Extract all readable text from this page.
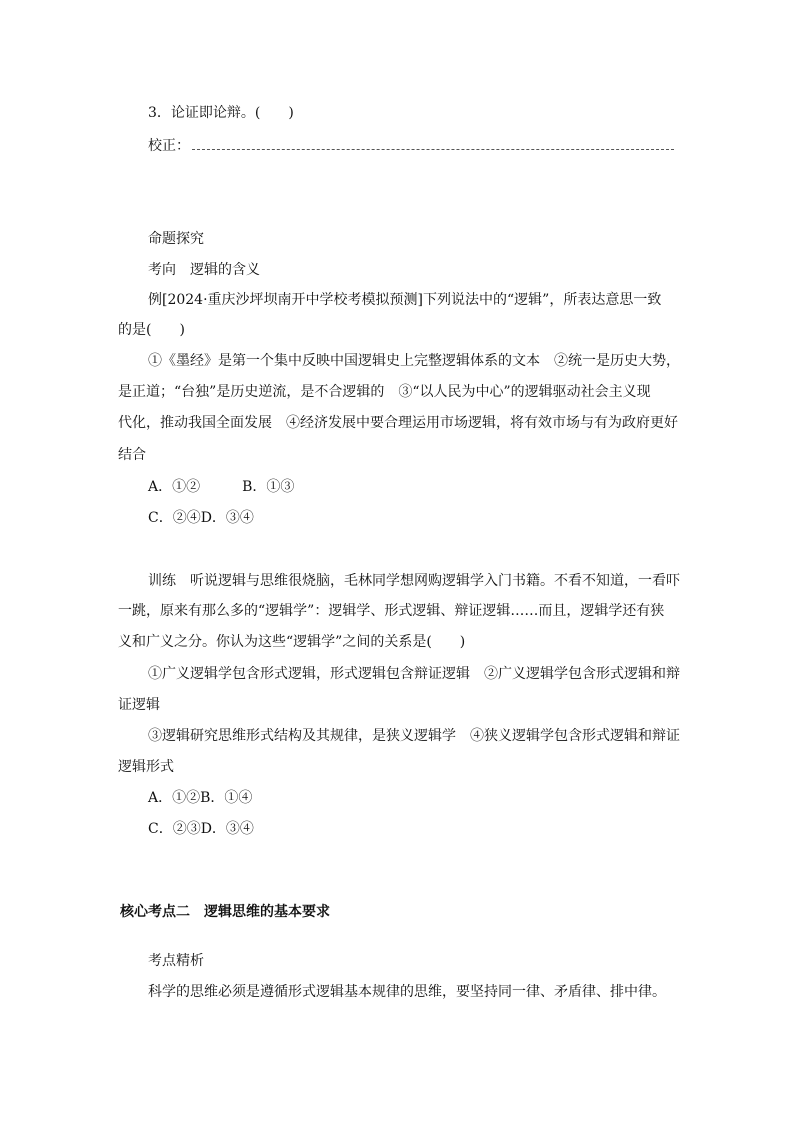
3．论证即论辩。(　　)
校正：
命题探究
考向　逻辑的含义
例[2024·重庆沙坪坝南开中学校考模拟预测]下列说法中的“逻辑”，所表达意思一致
的是(　　)
①《墨经》是第一个集中反映中国逻辑史上完整逻辑体系的文本　②统一是历史大势，
是正道；“台独”是历史逆流，是不合逻辑的　③“以人民为中心”的逻辑驱动社会主义现
代化，推动我国全面发展　④经济发展中要合理运用市场逻辑，将有效市场与有为政府更好
结合
A．①②　　　B．①③
C．②④D．③④
训练　听说逻辑与思维很烧脑，毛林同学想网购逻辑学入门书籍。不看不知道，一看吓
一跳，原来有那么多的“逻辑学”：逻辑学、形式逻辑、辩证逻辑……而且，逻辑学还有狭
义和广义之分。你认为这些“逻辑学”之间的关系是(　　)
①广义逻辑学包含形式逻辑，形式逻辑包含辩证逻辑　②广义逻辑学包含形式逻辑和辩
证逻辑
③逻辑研究思维形式结构及其规律，是狭义逻辑学　④狭义逻辑学包含形式逻辑和辩证
逻辑形式
A．①②B．①④
C．②③D．③④
核心考点二　逻辑思维的基本要求
考点精析
科学的思维必须是遵循形式逻辑基本规律的思维，要坚持同一律、矛盾律、排中律。
